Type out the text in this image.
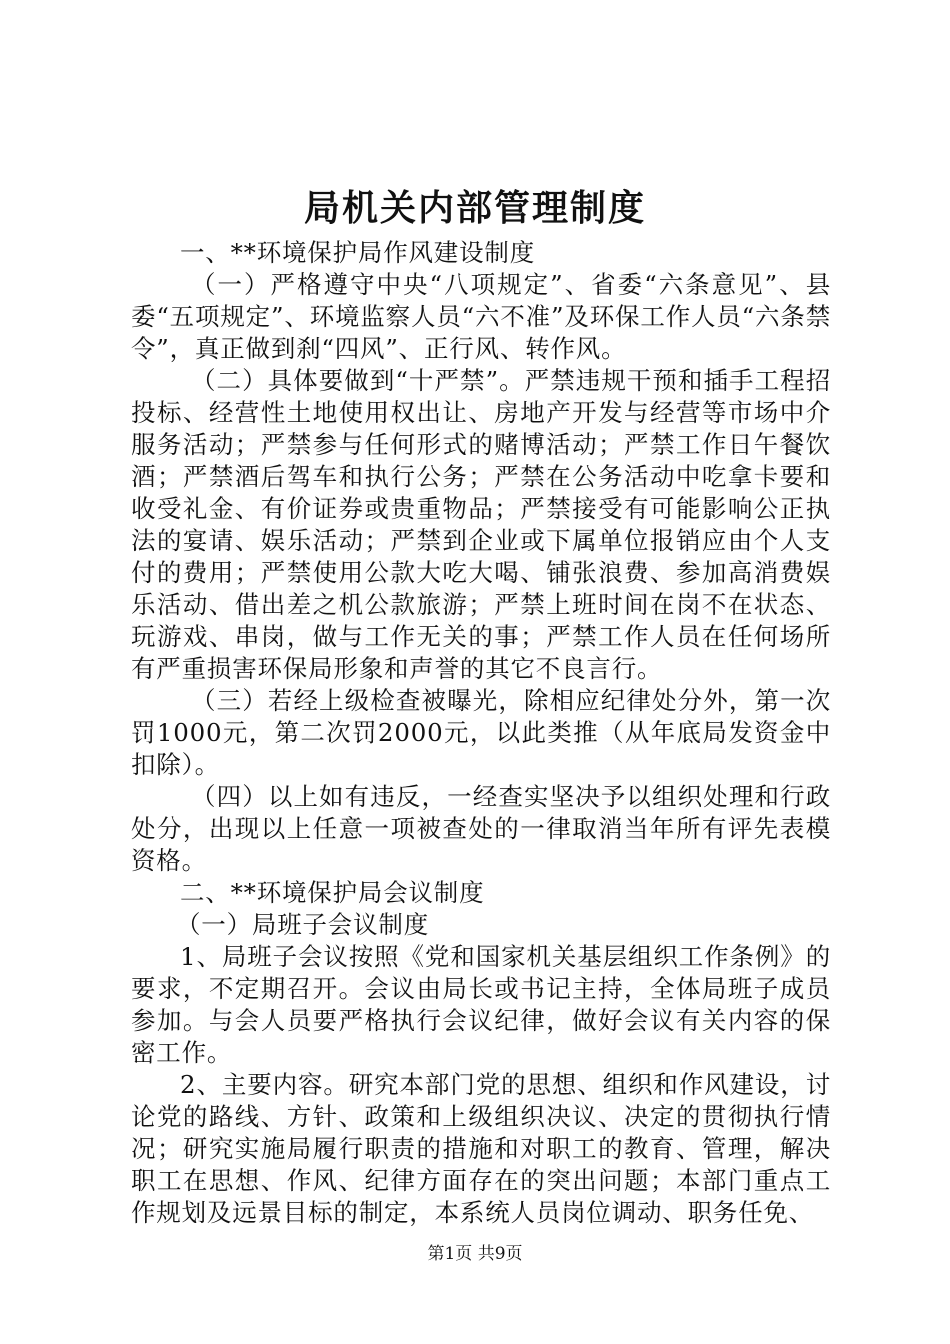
局机关内部管理制度

一、**环境保护局作风建设制度

（一）严格遵守中央“八项规定”、省委“六条意见”、县委“五项规定”、环境监察人员“六不准”及环保工作人员“六条禁令”，真正做到刹“四风”、正行风、转作风。

（二）具体要做到“十严禁”。严禁违规干预和插手工程招投标、经营性土地使用权出让、房地产开发与经营等市场中介服务活动；严禁参与任何形式的赌博活动；严禁工作日午餐饮酒；严禁酒后驾车和执行公务；严禁在公务活动中吃拿卡要和收受礼金、有价证券或贵重物品；严禁接受有可能影响公正执法的宴请、娱乐活动；严禁到企业或下属单位报销应由个人支付的费用；严禁使用公款大吃大喝、铺张浪费、参加高消费娱乐活动、借出差之机公款旅游；严禁上班时间在岗不在状态、玩游戏、串岗，做与工作无关的事；严禁工作人员在任何场所有严重损害环保局形象和声誉的其它不良言行。

（三）若经上级检查被曝光，除相应纪律处分外，第一次罚1000元，第二次罚2000元，以此类推（从年底局发资金中扣除）。

（四）以上如有违反，一经查实坚决予以组织处理和行政处分，出现以上任意一项被查处的一律取消当年所有评先表模资格。

二、**环境保护局会议制度

（一）局班子会议制度

1、局班子会议按照《党和国家机关基层组织工作条例》的要求，不定期召开。会议由局长或书记主持，全体局班子成员参加。与会人员要严格执行会议纪律，做好会议有关内容的保密工作。

2、主要内容。研究本部门党的思想、组织和作风建设，讨论党的路线、方针、政策和上级组织决议、决定的贯彻执行情况；研究实施局履行职责的措施和对职工的教育、管理，解决职工在思想、作风、纪律方面存在的突出问题；本部门重点工作规划及远景目标的制定，本系统人员岗位调动、职务任免、

第1页 共9页
